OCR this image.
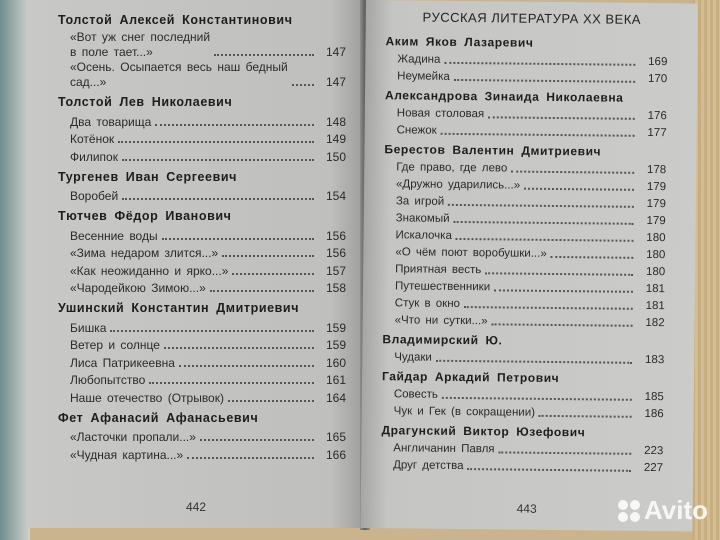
Толстой Алексей Константинович
«Вот уж снег последний
в поле тает...»	147
«Осень. Осыпается весь наш бедный
сад...»	147
Толстой Лев Николаевич
Два товарища	148
Котёнок	149
Филипок	150
Тургенев Иван Сергеевич
Воробей	154
Тютчев Фёдор Иванович
Весенние воды	156
«Зима недаром злится...»	156
«Как неожиданно и ярко...»	157
«Чародейкою Зимою...»	158
Ушинский Константин Дмитриевич
Бишка	159
Ветер и солнце	159
Лиса Патрикеевна	160
Любопытство	161
Наше отечество (Отрывок)	164
Фет Афанасий Афанасьевич
«Ласточки пропали...»	165
«Чудная картина...»	166
442
РУССКАЯ ЛИТЕРАТУРА XX ВЕКА
Аким Яков Лазаревич
Жадина	169
Неумейка	170
Александрова Зинаида Николаевна
Новая столовая	176
Снежок	177
Берестов Валентин Дмитриевич
Где право, где лево	178
«Дружно ударились...»	179
За игрой	179
Знакомый	179
Искалочка	180
«О чём поют воробушки...»	180
Приятная весть	180
Путешественники	181
Стук в окно	181
«Что ни сутки...»	182
Владимирский Ю.
Чудаки	183
Гайдар Аркадий Петрович
Совесть	185
Чук и Гек (в сокращении)	186
Драгунский Виктор Юзефович
Англичанин Павля	223
Друг детства	227
443	Avito
